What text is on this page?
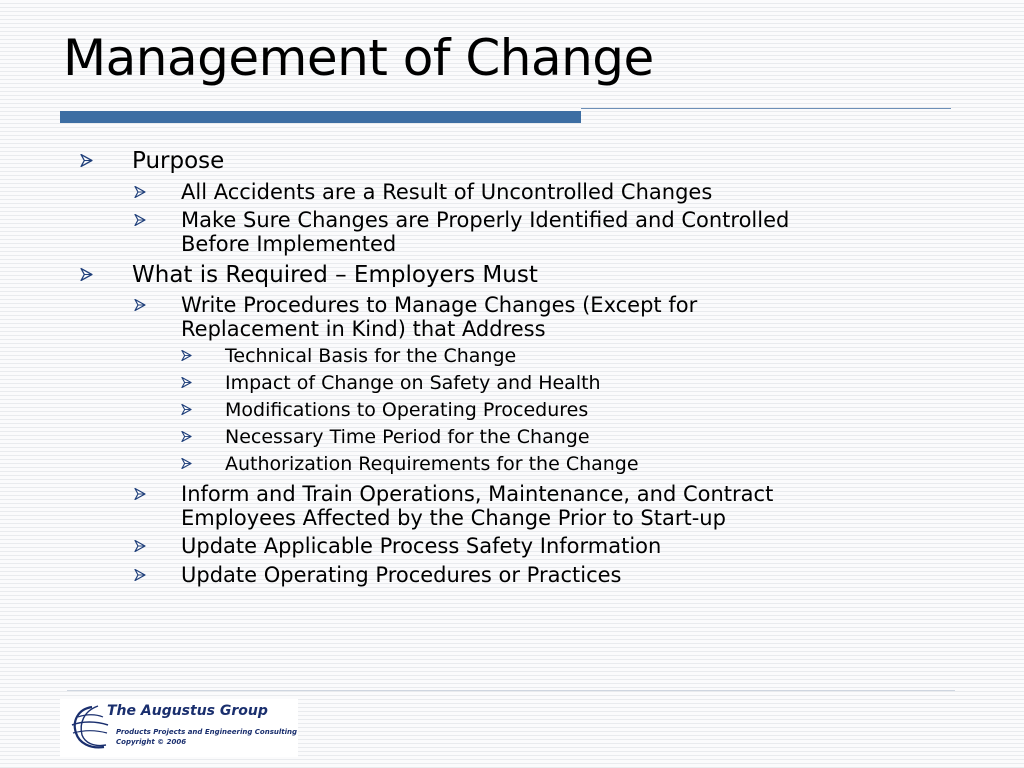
Management of Change
Purpose
All Accidents are a Result of Uncontrolled Changes
Make Sure Changes are Properly Identified and Controlled
Before Implemented
What is Required – Employers Must
Write Procedures to Manage Changes (Except for
Replacement in Kind) that Address
Technical Basis for the Change
Impact of Change on Safety and Health
Modifications to Operating Procedures
Necessary Time Period for the Change
Authorization Requirements for the Change
Inform and Train Operations, Maintenance, and Contract
Employees Affected by the Change Prior to Start-up
Update Applicable Process Safety Information
Update Operating Procedures or Practices
The Augustus Group
Products Projects and Engineering Consulting
Copyright © 2006
